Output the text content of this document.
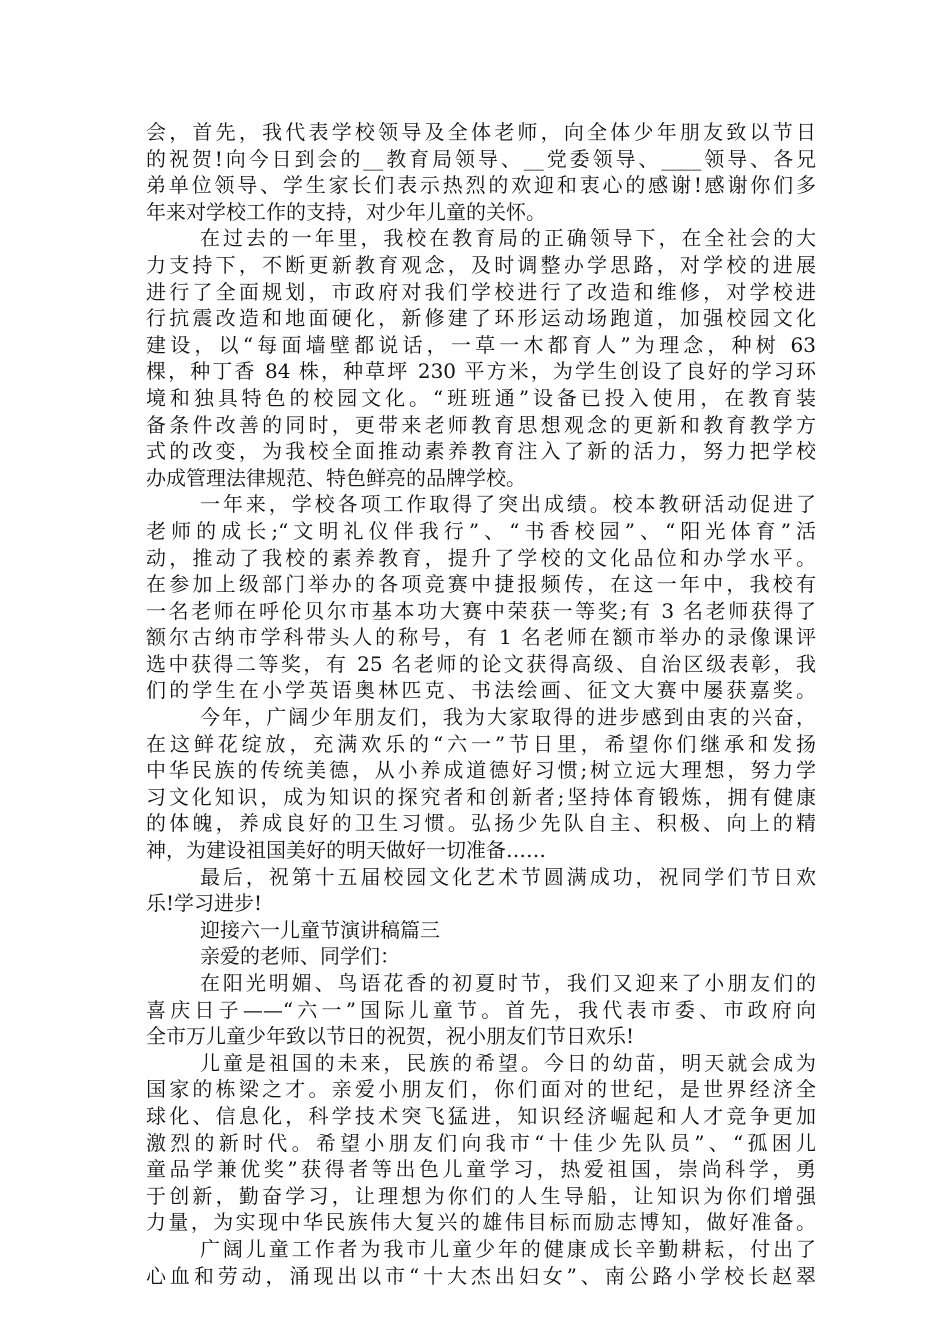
会，首先，我代表学校领导及全体老师，向全体少年朋友致以节日
的祝贺!向今日到会的__教育局领导、__党委领导、____领导、各兄
弟单位领导、学生家长们表示热烈的欢迎和衷心的感谢!感谢你们多
年来对学校工作的支持，对少年儿童的关怀。
在过去的一年里，我校在教育局的正确领导下，在全社会的大
力支持下，不断更新教育观念，及时调整办学思路，对学校的进展
进行了全面规划，市政府对我们学校进行了改造和维修，对学校进
行抗震改造和地面硬化，新修建了环形运动场跑道，加强校园文化
建设，以“每面墙壁都说话，一草一木都育人”为理念，种树 63
棵，种丁香 84 株，种草坪 230 平方米，为学生创设了良好的学习环
境和独具特色的校园文化。“班班通”设备已投入使用，在教育装
备条件改善的同时，更带来老师教育思想观念的更新和教育教学方
式的改变，为我校全面推动素养教育注入了新的活力，努力把学校
办成管理法律规范、特色鲜亮的品牌学校。
一年来，学校各项工作取得了突出成绩。校本教研活动促进了
老师的成长;“文明礼仪伴我行”、“书香校园”、“阳光体育”活
动，推动了我校的素养教育，提升了学校的文化品位和办学水平。
在参加上级部门举办的各项竞赛中捷报频传，在这一年中，我校有
一名老师在呼伦贝尔市基本功大赛中荣获一等奖;有 3 名老师获得了
额尔古纳市学科带头人的称号，有 1 名老师在额市举办的录像课评
选中获得二等奖，有 25 名老师的论文获得高级、自治区级表彰，我
们的学生在小学英语奥林匹克、书法绘画、征文大赛中屡获嘉奖。
今年，广阔少年朋友们，我为大家取得的进步感到由衷的兴奋，
在这鲜花绽放，充满欢乐的“六一”节日里，希望你们继承和发扬
中华民族的传统美德，从小养成道德好习惯;树立远大理想，努力学
习文化知识，成为知识的探究者和创新者;坚持体育锻炼，拥有健康
的体魄，养成良好的卫生习惯。弘扬少先队自主、积极、向上的精
神，为建设祖国美好的明天做好一切准备……
最后，祝第十五届校园文化艺术节圆满成功，祝同学们节日欢
乐!学习进步!
迎接六一儿童节演讲稿篇三
亲爱的老师、同学们：
在阳光明媚、鸟语花香的初夏时节，我们又迎来了小朋友们的
喜庆日子——“六一”国际儿童节。首先，我代表市委、市政府向
全市万儿童少年致以节日的祝贺，祝小朋友们节日欢乐!
儿童是祖国的未来，民族的希望。今日的幼苗，明天就会成为
国家的栋梁之才。亲爱小朋友们，你们面对的世纪，是世界经济全
球化、信息化，科学技术突飞猛进，知识经济崛起和人才竞争更加
激烈的新时代。希望小朋友们向我市“十佳少先队员”、“孤困儿
童品学兼优奖”获得者等出色儿童学习，热爱祖国，崇尚科学，勇
于创新，勤奋学习，让理想为你们的人生导船，让知识为你们增强
力量，为实现中华民族伟大复兴的雄伟目标而励志博知，做好准备。
广阔儿童工作者为我市儿童少年的健康成长辛勤耕耘，付出了
心血和劳动，涌现出以市“十大杰出妇女”、南公路小学校长赵翠
